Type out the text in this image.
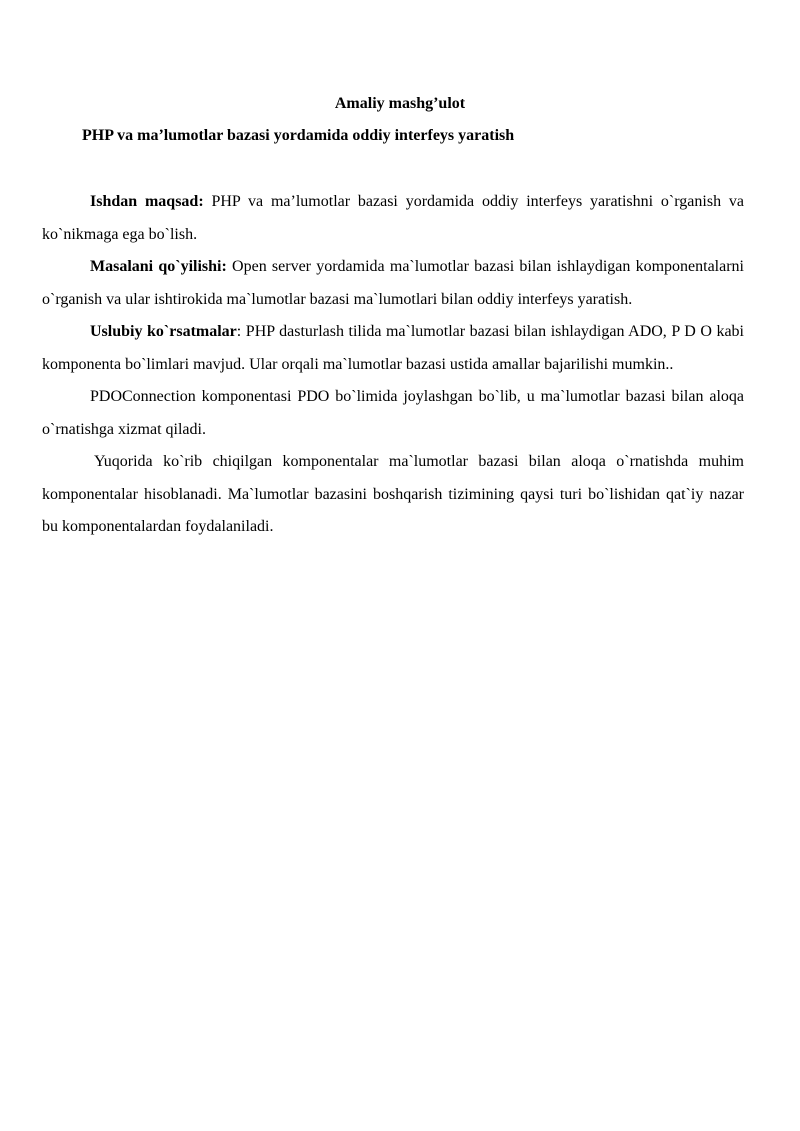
Amaliy mashg’ulot
PHP va ma’lumotlar bazasi yordamida oddiy interfeys yaratish

Ishdan maqsad: PHP va ma’lumotlar bazasi yordamida oddiy interfeys yaratishni o`rganish va ko`nikmaga ega bo`lish.

Masalani qo`yilishi: Open server yordamida ma`lumotlar bazasi bilan ishlaydigan komponentalarni o`rganish va ular ishtirokida ma`lumotlar bazasi ma`lumotlari bilan oddiy interfeys yaratish.

Uslubiy ko`rsatmalar: PHP dasturlash tilida ma`lumotlar bazasi bilan ishlaydigan ADO, P D O kabi komponenta bo`limlari mavjud. Ular orqali ma`lumotlar bazasi ustida amallar bajarilishi mumkin..

PDOConnection komponentasi PDO bo`limida joylashgan bo`lib, u ma`lumotlar bazasi bilan aloqa o`rnatishga xizmat qiladi.

Yuqorida ko`rib chiqilgan komponentalar ma`lumotlar bazasi bilan aloqa o`rnatishda muhim komponentalar hisoblanadi. Ma`lumotlar bazasini boshqarish tizimining qaysi turi bo`lishidan qat`iy nazar bu komponentalardan foydalaniladi.
